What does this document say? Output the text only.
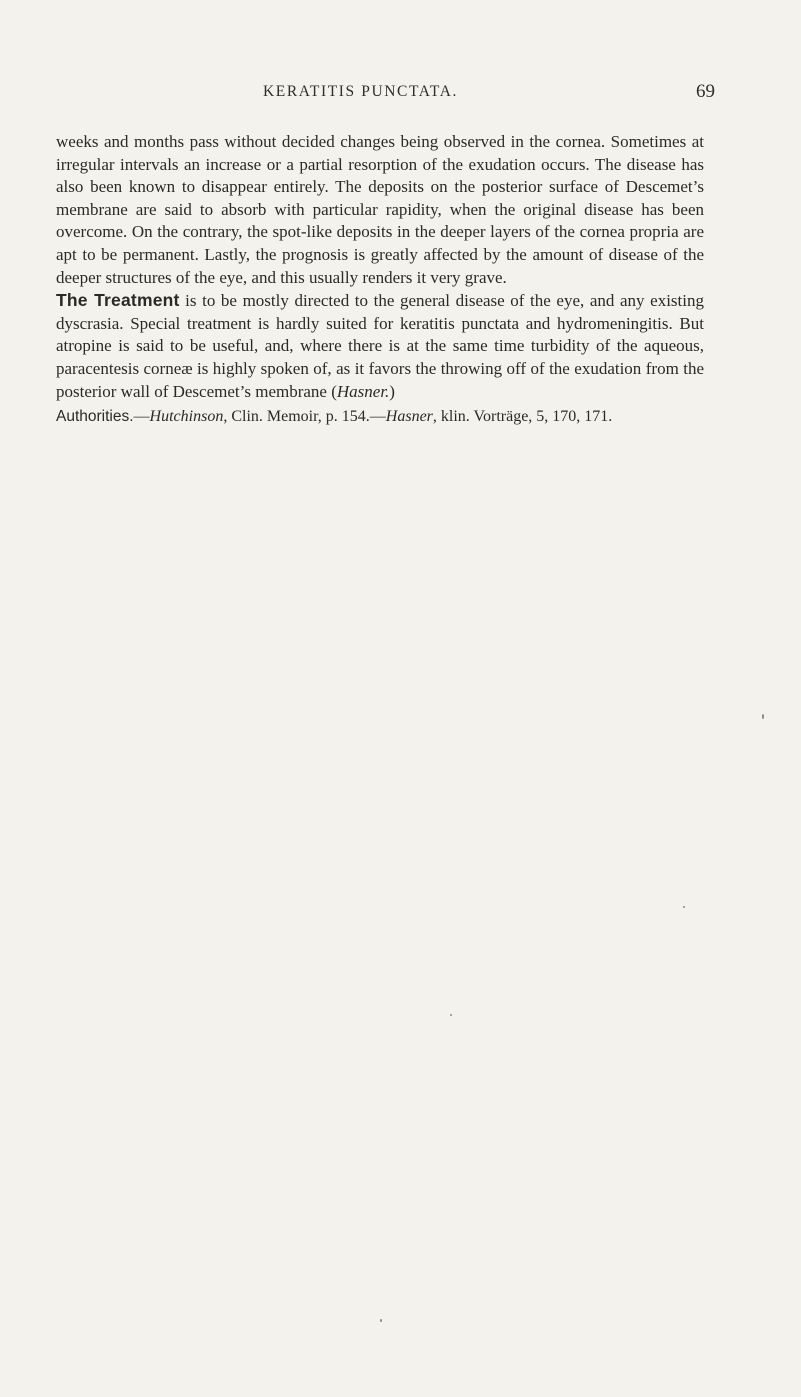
KERATITIS PUNCTATA.	69

weeks and months pass without decided changes being observed in the cornea. Sometimes at irregular intervals an increase or a partial resorption of the exudation occurs. The disease has also been known to disappear entirely. The deposits on the posterior surface of Descemet’s membrane are said to absorb with particular rapidity, when the original disease has been overcome. On the contrary, the spot-like deposits in the deeper layers of the cornea propria are apt to be permanent. Lastly, the prognosis is greatly affected by the amount of disease of the deeper structures of the eye, and this usually renders it very grave.

The Treatment is to be mostly directed to the general disease of the eye, and any existing dyscrasia. Special treatment is hardly suited for keratitis punctata and hydromeningitis. But atropine is said to be useful, and, where there is at the same time turbidity of the aqueous, paracentesis corneæ is highly spoken of, as it favors the throwing off of the exudation from the posterior wall of Descemet’s membrane (Hasner.)

Authorities.—Hutchinson, Clin. Memoir, p. 154.—Hasner, klin. Vorträge, 5, 170, 171.
